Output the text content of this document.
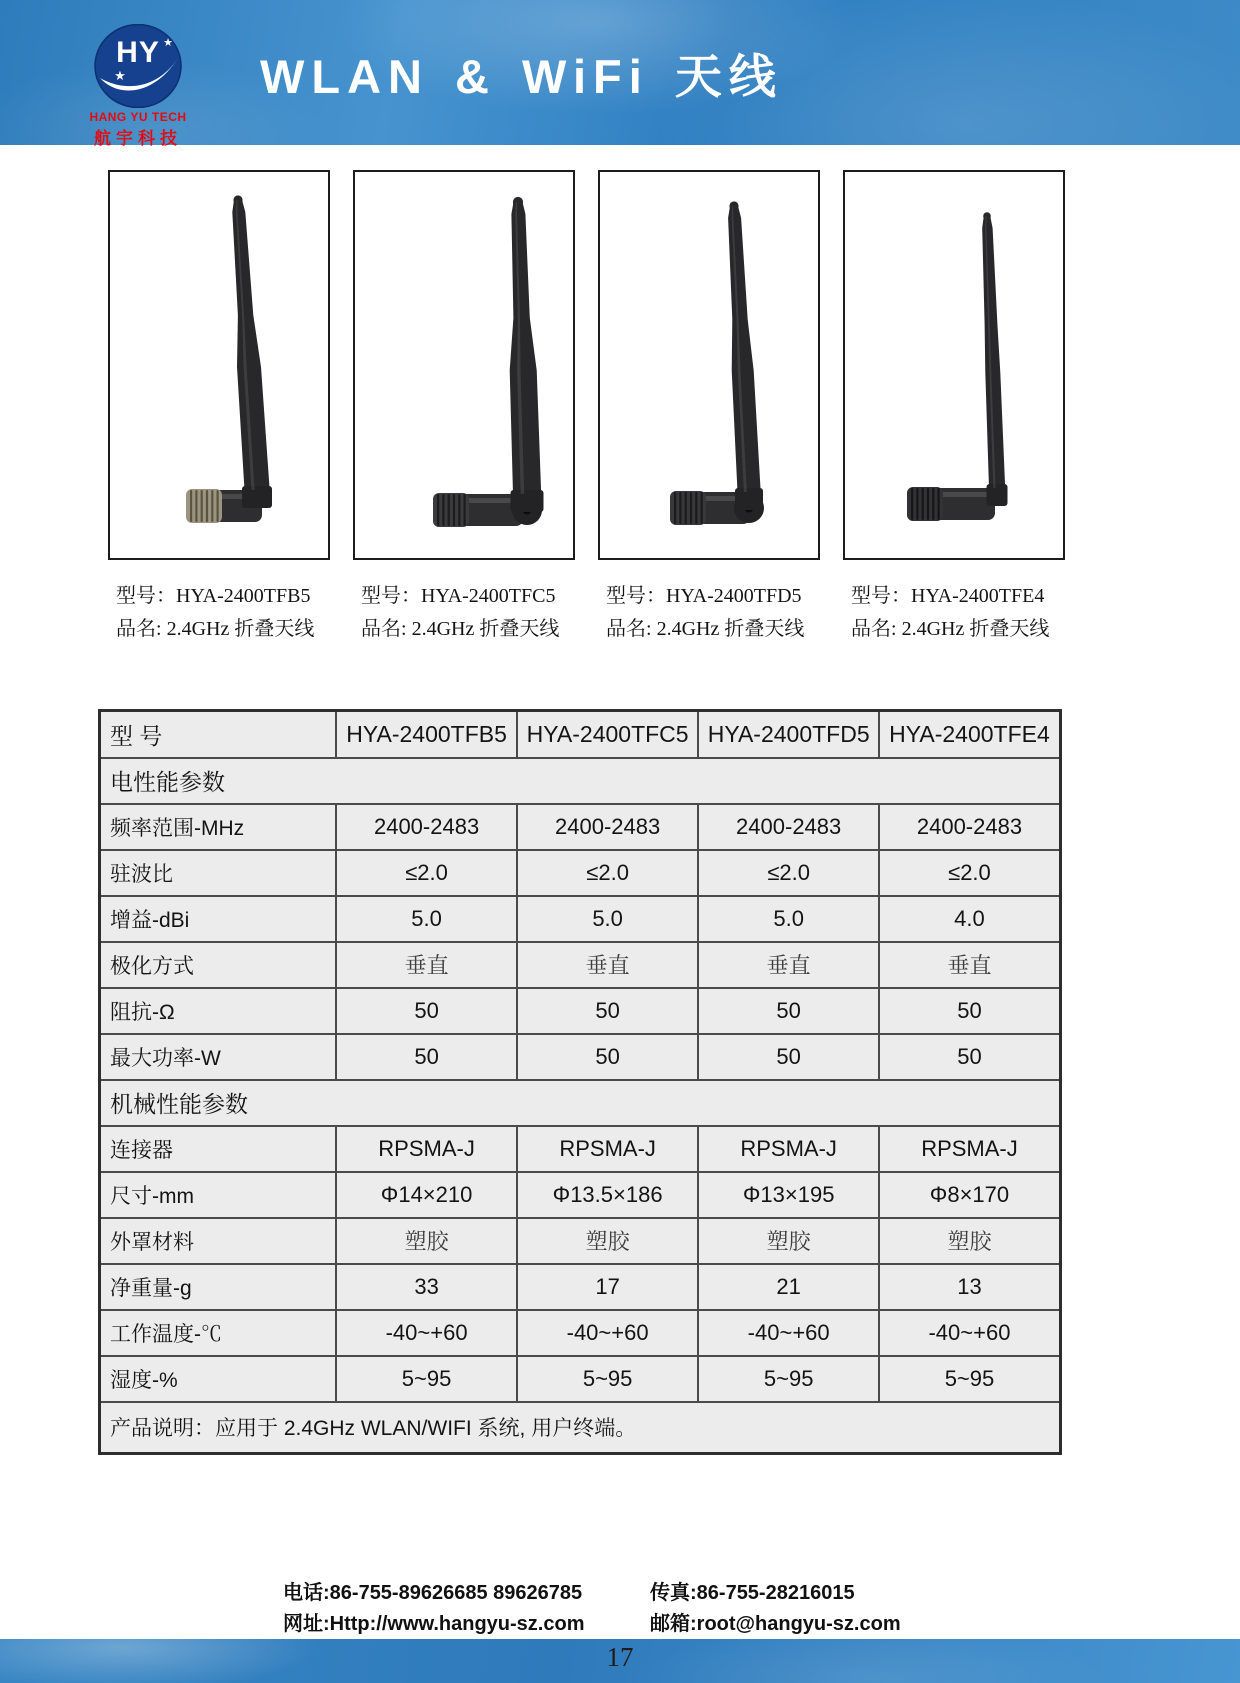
HY ★
★
HANG YU TECH
航宇科技
WLAN & WiFi 天线
型号：HYA-2400TFB5
品名: 2.4GHz 折叠天线
型号：HYA-2400TFC5
品名: 2.4GHz 折叠天线
型号：HYA-2400TFD5
品名: 2.4GHz 折叠天线
型号：HYA-2400TFE4
品名: 2.4GHz 折叠天线
型 号	HYA-2400TFB5	HYA-2400TFC5	HYA-2400TFD5	HYA-2400TFE4
电性能参数				
频率范围-MHz	2400-2483	2400-2483	2400-2483	2400-2483
驻波比	≤2.0	≤2.0	≤2.0	≤2.0
增益-dBi	5.0	5.0	5.0	4.0
极化方式	垂直	垂直	垂直	垂直
阻抗-Ω	50	50	50	50
最大功率-W	50	50	50	50
机械性能参数				
连接器	RPSMA-J	RPSMA-J	RPSMA-J	RPSMA-J
尺寸-mm	Φ14×210	Φ13.5×186	Φ13×195	Φ8×170
外罩材料	塑胶	塑胶	塑胶	塑胶
净重量-g	33	17	21	13
工作温度-℃	-40~+60	-40~+60	-40~+60	-40~+60
湿度-%	5~95	5~95	5~95	5~95
产品说明：应用于 2.4GHz WLAN/WIFI 系统, 用户终端。				
电话:86-755-89626685 89626785
网址:Http://www.hangyu-sz.com
传真:86-755-28216015
邮箱:root@hangyu-sz.com
17
